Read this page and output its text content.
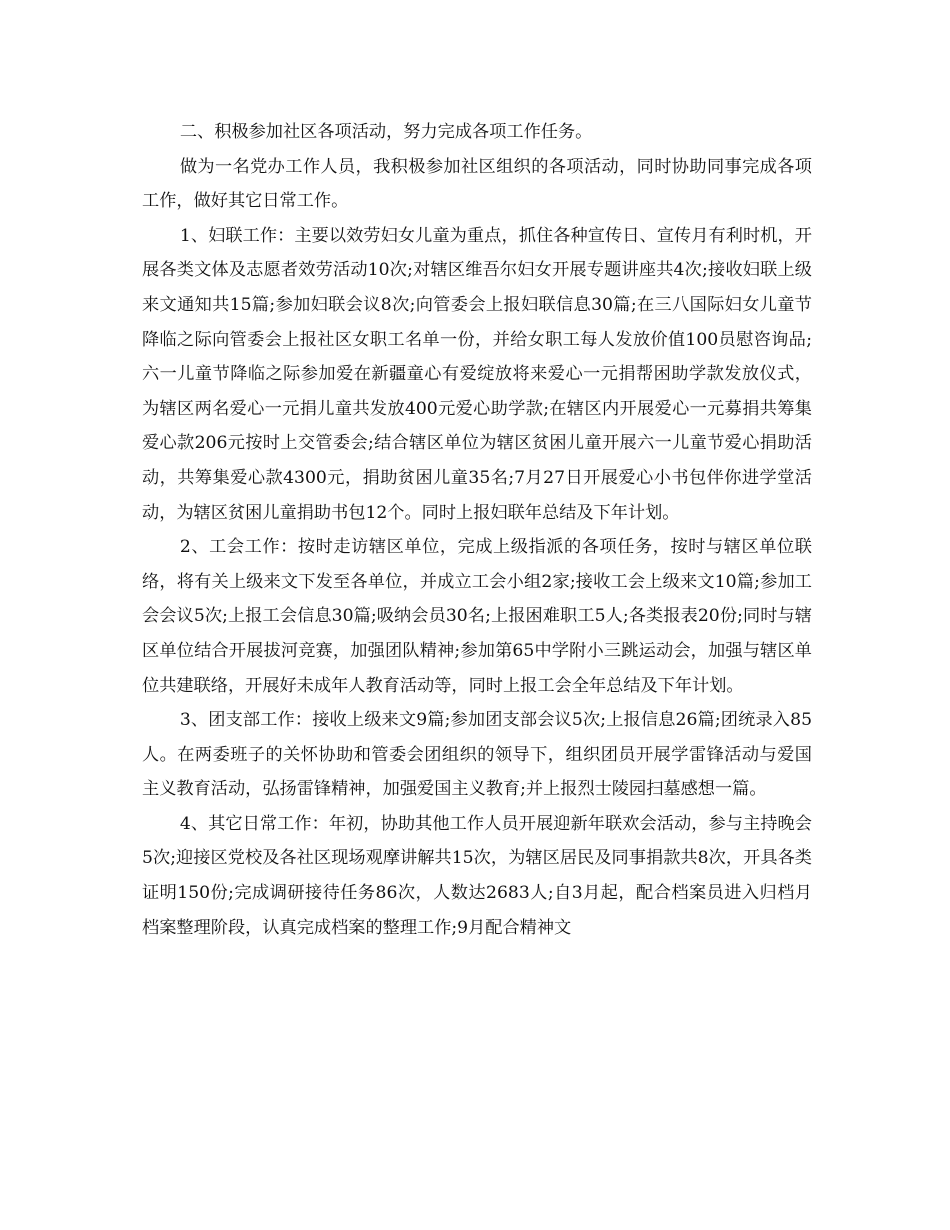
二、积极参加社区各项活动，努力完成各项工作任务。

做为一名党办工作人员，我积极参加社区组织的各项活动，同时协助同事完成各项工作，做好其它日常工作。

1、妇联工作：主要以效劳妇女儿童为重点，抓住各种宣传日、宣传月有利时机，开展各类文体及志愿者效劳活动10次;对辖区维吾尔妇女开展专题讲座共4次;接收妇联上级来文通知共15篇;参加妇联会议8次;向管委会上报妇联信息30篇;在三八国际妇女儿童节降临之际向管委会上报社区女职工名单一份，并给女职工每人发放价值100员慰咨询品;六一儿童节降临之际参加爱在新疆童心有爱绽放将来爱心一元捐帮困助学款发放仪式，为辖区两名爱心一元捐儿童共发放400元爱心助学款;在辖区内开展爱心一元募捐共筹集爱心款206元按时上交管委会;结合辖区单位为辖区贫困儿童开展六一儿童节爱心捐助活动，共筹集爱心款4300元，捐助贫困儿童35名;7月27日开展爱心小书包伴你进学堂活动，为辖区贫困儿童捐助书包12个。同时上报妇联年总结及下年计划。

2、工会工作：按时走访辖区单位，完成上级指派的各项任务，按时与辖区单位联络，将有关上级来文下发至各单位，并成立工会小组2家;接收工会上级来文10篇;参加工会会议5次;上报工会信息30篇;吸纳会员30名;上报困难职工5人;各类报表20份;同时与辖区单位结合开展拔河竞赛，加强团队精神;参加第65中学附小三跳运动会，加强与辖区单位共建联络，开展好未成年人教育活动等，同时上报工会全年总结及下年计划。

3、团支部工作：接收上级来文9篇;参加团支部会议5次;上报信息26篇;团统录入85人。在两委班子的关怀协助和管委会团组织的领导下，组织团员开展学雷锋活动与爱国主义教育活动，弘扬雷锋精神，加强爱国主义教育;并上报烈士陵园扫墓感想一篇。

4、其它日常工作：年初，协助其他工作人员开展迎新年联欢会活动，参与主持晚会5次;迎接区党校及各社区现场观摩讲解共15次，为辖区居民及同事捐款共8次，开具各类证明150份;完成调研接待任务86次，人数达2683人;自3月起，配合档案员进入归档月档案整理阶段，认真完成档案的整理工作;9月配合精神文
